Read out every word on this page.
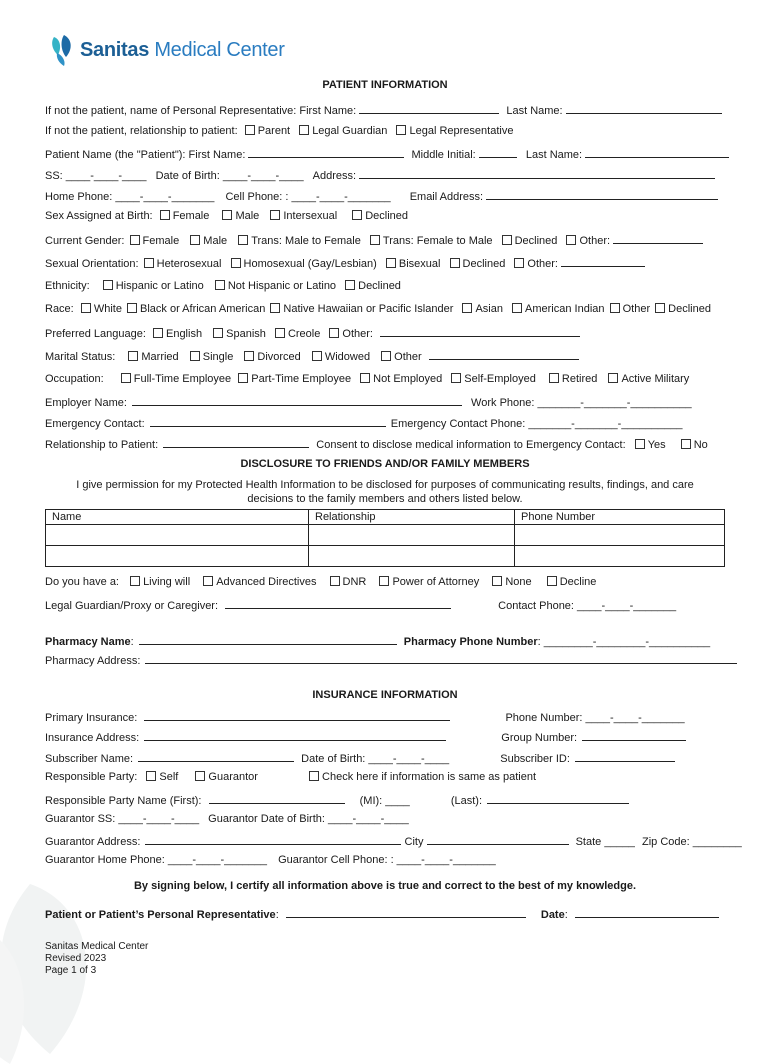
Sanitas Medical Center
PATIENT INFORMATION
If not the patient, name of Personal Representative: First Name:	Last Name:
If not the patient, relationship to patient: Parent Legal Guardian Legal Representative
Patient Name (the "Patient"): First Name:	Middle Initial:	Last Name:
SS: ____-____-____ Date of Birth: ____-____-____ Address:
Home Phone: ____-____-_______ Cell Phone: : ____-____-_______ Email Address:
Sex Assigned at Birth: Female Male Intersexual	Declined
Current Gender: Female Male Trans: Male to Female Trans: Female to Male Declined Other:
Sexual Orientation: Heterosexual Homosexual (Gay/Lesbian) Bisexual Declined Other:
Ethnicity: Hispanic or Latino Not Hispanic or Latino Declined
Race: White Black or African American Native Hawaiian or Pacific Islander Asian American Indian Other Declined
Preferred Language: English Spanish Creole Other:
Marital Status: Married Single Divorced Widowed Other
Occupation:	Full-Time Employee Part-Time Employee Not Employed Self-Employed Retired Active Military
Employer Name:	Work Phone: _______-_______-__________
Emergency Contact:	Emergency Contact Phone: _______-_______-__________
Relationship to Patient:	Consent to disclose medical information to Emergency Contact: Yes	No
DISCLOSURE TO FRIENDS AND/OR FAMILY MEMBERS
I give permission for my Protected Health Information to be disclosed for purposes of communicating results, findings, and care
decisions to the family members and others listed below.
Name	Relationship	Phone Number

Do you have a: Living will Advanced Directives DNR Power of Attorney None	Decline
Legal Guardian/Proxy or Caregiver:	Contact Phone: ____-____-_______
Pharmacy Name:	Pharmacy Phone Number: ________-________-__________
Pharmacy Address:
INSURANCE INFORMATION
Primary Insurance:	Phone Number: ____-____-_______
Insurance Address:	Group Number:
Subscriber Name:	Date of Birth: ____-____-____	Subscriber ID:
Responsible Party: Self	Guarantor	Check here if information is same as patient
Responsible Party Name (First):	(MI): ____	(Last):
Guarantor SS: ____-____-____ Guarantor Date of Birth: ____-____-____
Guarantor Address:	City	State _____ Zip Code: ________
Guarantor Home Phone: ____-____-_______ Guarantor Cell Phone: : ____-____-_______
By signing below, I certify all information above is true and correct to the best of my knowledge.
Patient or Patient’s Personal Representative:	Date:
Sanitas Medical Center
Revised 2023
Page 1 of 3
